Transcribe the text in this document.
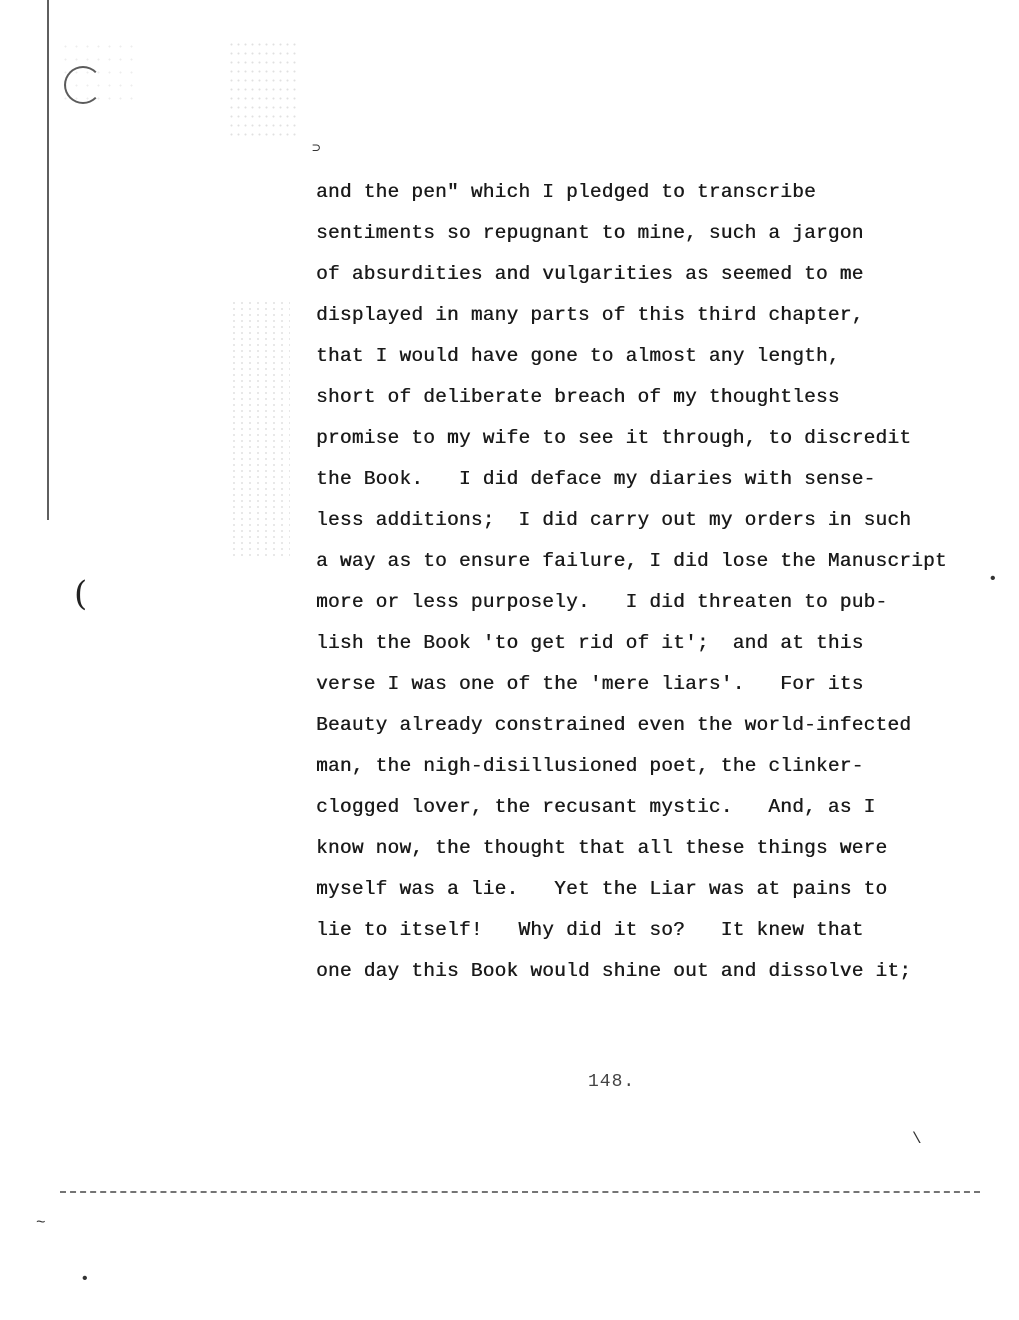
(
⊃
and the pen" which I pledged to transcribe
sentiments so repugnant to mine, such a jargon
of absurdities and vulgarities as seemed to me
displayed in many parts of this third chapter,
that I would have gone to almost any length,
short of deliberate breach of my thoughtless
promise to my wife to see it through, to discredit
the Book.   I did deface my diaries with sense-
less additions;  I did carry out my orders in such
a way as to ensure failure, I did lose the Manuscript
more or less purposely.   I did threaten to pub-
lish the Book 'to get rid of it';  and at this
verse I was one of the 'mere liars'.   For its
Beauty already constrained even the world-infected
man, the nigh-disillusioned poet, the clinker-
clogged lover, the recusant mystic.   And, as I
know now, the thought that all these things were
myself was a lie.   Yet the Liar was at pains to
lie to itself!   Why did it so?   It knew that
one day this Book would shine out and dissolve it;
148.
\
•
~
•
